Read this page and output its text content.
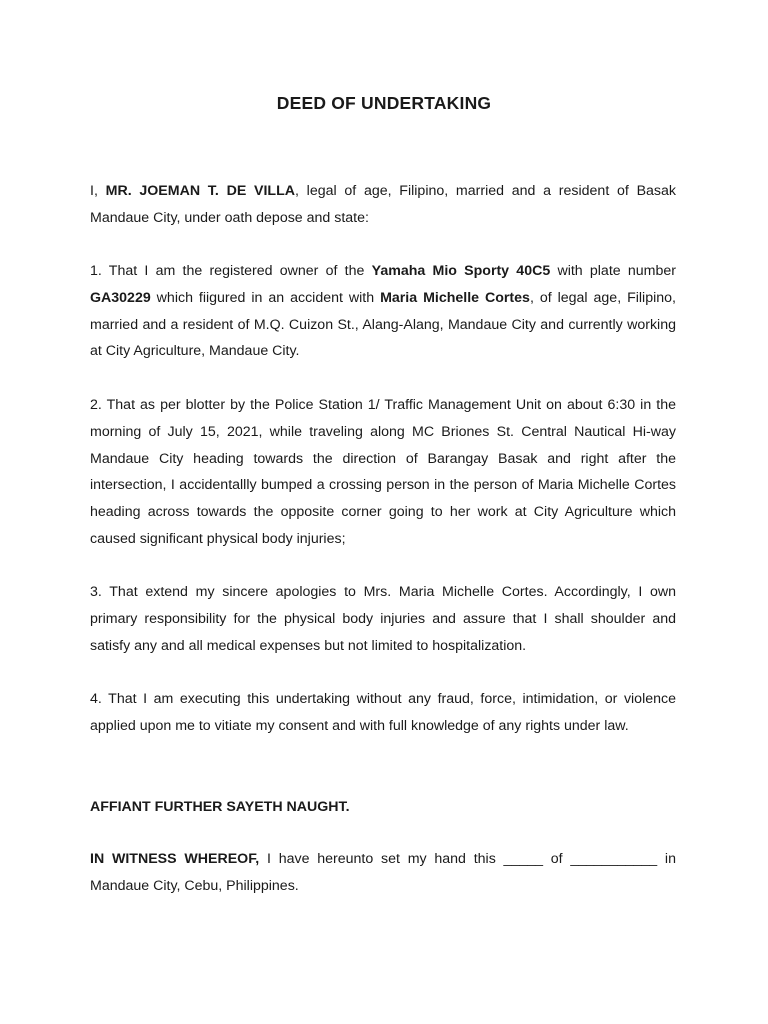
DEED OF UNDERTAKING

I, MR. JOEMAN T. DE VILLA, legal of age, Filipino, married and a resident of Basak Mandaue City, under oath depose and state:

1. That I am the registered owner of the Yamaha Mio Sporty 40C5 with plate number GA30229 which fiigured in an accident with Maria Michelle Cortes, of legal age, Filipino, married and a resident of M.Q. Cuizon St., Alang-Alang, Mandaue City and currently working at City Agriculture, Mandaue City.

2. That as per blotter by the Police Station 1/ Traffic Management Unit on about 6:30 in the morning of July 15, 2021, while traveling along MC Briones St. Central Nautical Hi-way Mandaue City heading towards the direction of Barangay Basak and right after the intersection, I accidentallly bumped a crossing person in the person of Maria Michelle Cortes heading across towards the opposite corner going to her work at City Agriculture which caused significant physical body injuries;

3. That extend my sincere apologies to Mrs. Maria Michelle Cortes. Accordingly, I own primary responsibility for the physical body injuries and assure that I shall shoulder and satisfy any and all medical expenses but not limited to hospitalization.

4. That I am executing this undertaking without any fraud, force, intimidation, or violence applied upon me to vitiate my consent and with full knowledge of any rights under law.

AFFIANT FURTHER SAYETH NAUGHT.

IN WITNESS WHEREOF, I have hereunto set my hand this _____ of ___________ in Mandaue City, Cebu, Philippines.
